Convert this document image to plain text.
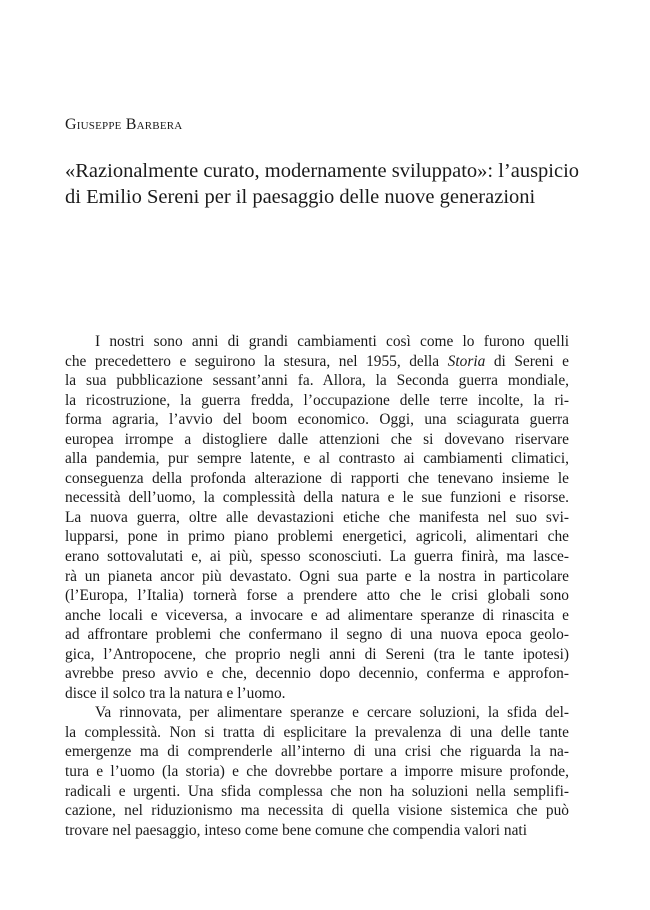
Giuseppe Barbera
«Razionalmente curato, modernamente sviluppato»: l’auspicio
di Emilio Sereni per il paesaggio delle nuove generazioni
I nostri sono anni di grandi cambiamenti così come lo furono quelli
che precedettero e seguirono la stesura, nel 1955, della Storia di Sereni e
la sua pubblicazione sessant’anni fa. Allora, la Seconda guerra mondiale,
la ricostruzione, la guerra fredda, l’occupazione delle terre incolte, la ri-
forma agraria, l’avvio del boom economico. Oggi, una sciagurata guerra
europea irrompe a distogliere dalle attenzioni che si dovevano riservare
alla pandemia, pur sempre latente, e al contrasto ai cambiamenti climatici,
conseguenza della profonda alterazione di rapporti che tenevano insieme le
necessità dell’uomo, la complessità della natura e le sue funzioni e risorse.
La nuova guerra, oltre alle devastazioni etiche che manifesta nel suo svi-
lupparsi, pone in primo piano problemi energetici, agricoli, alimentari che
erano sottovalutati e, ai più, spesso sconosciuti. La guerra finirà, ma lasce-
rà un pianeta ancor più devastato. Ogni sua parte e la nostra in particolare
(l’Europa, l’Italia) tornerà forse a prendere atto che le crisi globali sono
anche locali e viceversa, a invocare e ad alimentare speranze di rinascita e
ad affrontare problemi che confermano il segno di una nuova epoca geolo-
gica, l’Antropocene, che proprio negli anni di Sereni (tra le tante ipotesi)
avrebbe preso avvio e che, decennio dopo decennio, conferma e approfon-
disce il solco tra la natura e l’uomo.
Va rinnovata, per alimentare speranze e cercare soluzioni, la sfida del-
la complessità. Non si tratta di esplicitare la prevalenza di una delle tante
emergenze ma di comprenderle all’interno di una crisi che riguarda la na-
tura e l’uomo (la storia) e che dovrebbe portare a imporre misure profonde,
radicali e urgenti. Una sfida complessa che non ha soluzioni nella semplifi-
cazione, nel riduzionismo ma necessita di quella visione sistemica che può
trovare nel paesaggio, inteso come bene comune che compendia valori nati
